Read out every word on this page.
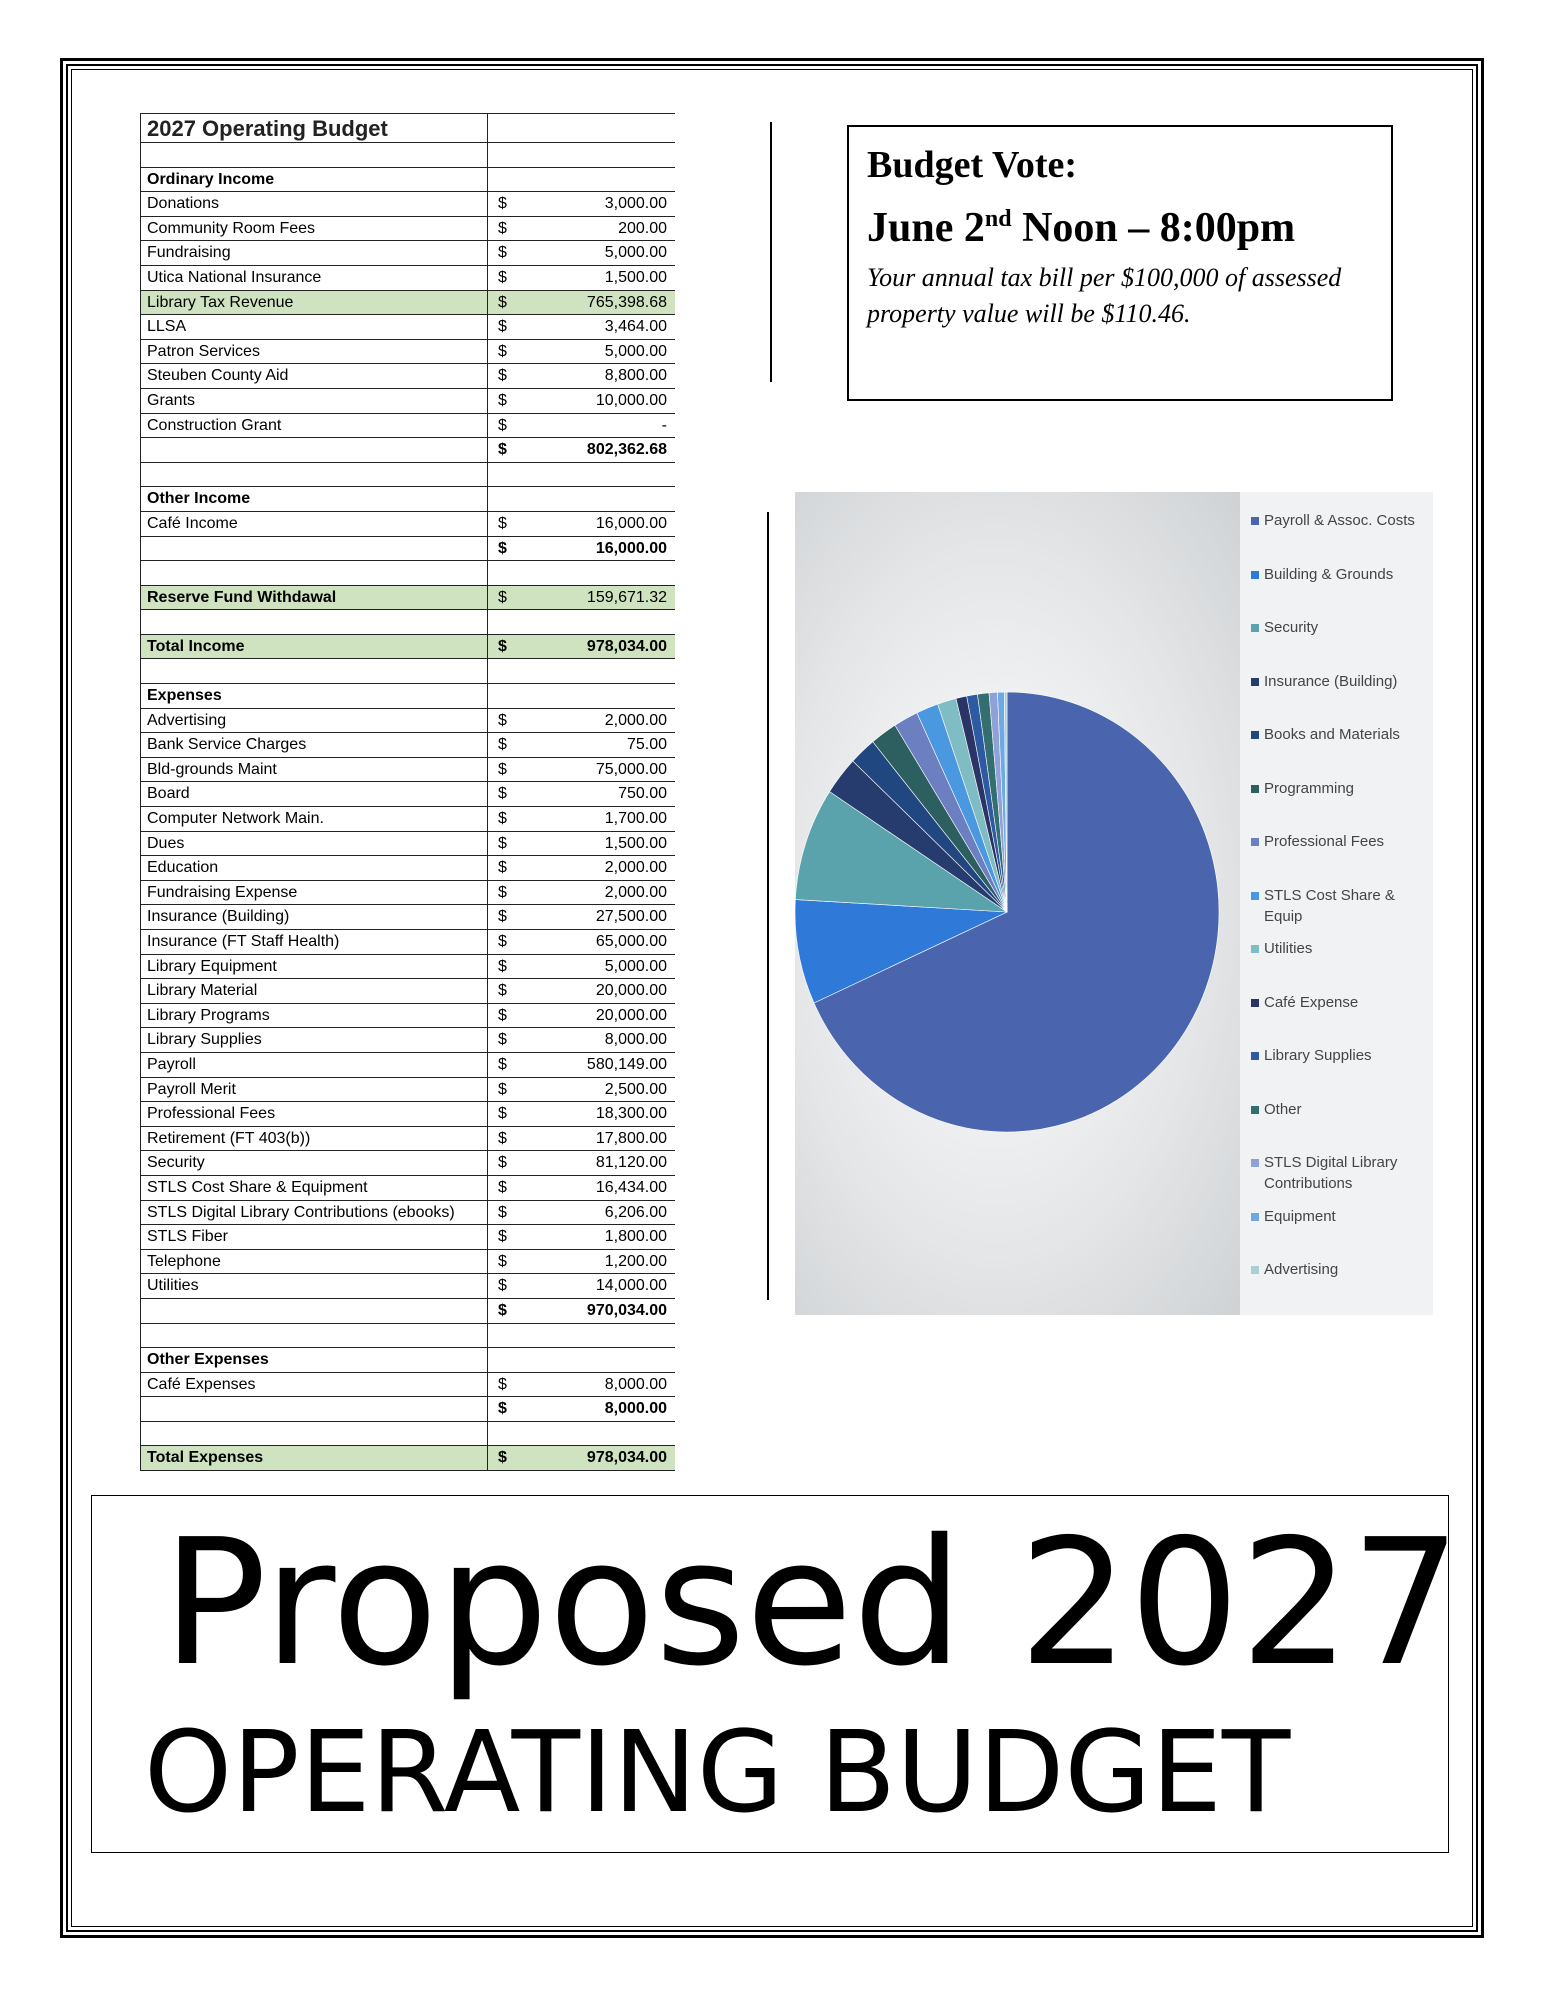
2027 Operating Budget
Ordinary Income
Donations	$	3,000.00
Community Room Fees	$	200.00
Fundraising	$	5,000.00
Utica National Insurance	$	1,500.00
Library Tax Revenue	$	765,398.68
LLSA	$	3,464.00
Patron Services	$	5,000.00
Steuben County Aid	$	8,800.00
Grants	$	10,000.00
Construction Grant	$	-
$	802,362.68
Other Income
Café Income	$	16,000.00
$	16,000.00
Reserve Fund Withdawal	$	159,671.32
Total Income	$	978,034.00
Expenses
Advertising	$	2,000.00
Bank Service Charges	$	75.00
Bld-grounds Maint	$	75,000.00
Board	$	750.00
Computer Network Main.	$	1,700.00
Dues	$	1,500.00
Education	$	2,000.00
Fundraising Expense	$	2,000.00
Insurance (Building)	$	27,500.00
Insurance (FT Staff Health)	$	65,000.00
Library Equipment	$	5,000.00
Library Material	$	20,000.00
Library Programs	$	20,000.00
Library Supplies	$	8,000.00
Payroll	$	580,149.00
Payroll Merit	$	2,500.00
Professional Fees	$	18,300.00
Retirement (FT 403(b))	$	17,800.00
Security	$	81,120.00
STLS Cost Share & Equipment	$	16,434.00
STLS Digital Library Contributions (ebooks)	$	6,206.00
STLS Fiber	$	1,800.00
Telephone	$	1,200.00
Utilities	$	14,000.00
$	970,034.00
Other Expenses
Café Expenses	$	8,000.00
$	8,000.00
Total Expenses	$	978,034.00
Budget Vote:
June 2nd Noon – 8:00pm
Your annual tax bill per $100,000 of assessed property value will be $110.46.
Payroll & Assoc. Costs
Building & Grounds
Security
Insurance (Building)
Books and Materials
Programming
Professional Fees
STLS Cost Share & Equip
Utilities
Café Expense
Library Supplies
Other
STLS Digital Library Contributions
Equipment
Advertising
Proposed 2027
OPERATING BUDGET
